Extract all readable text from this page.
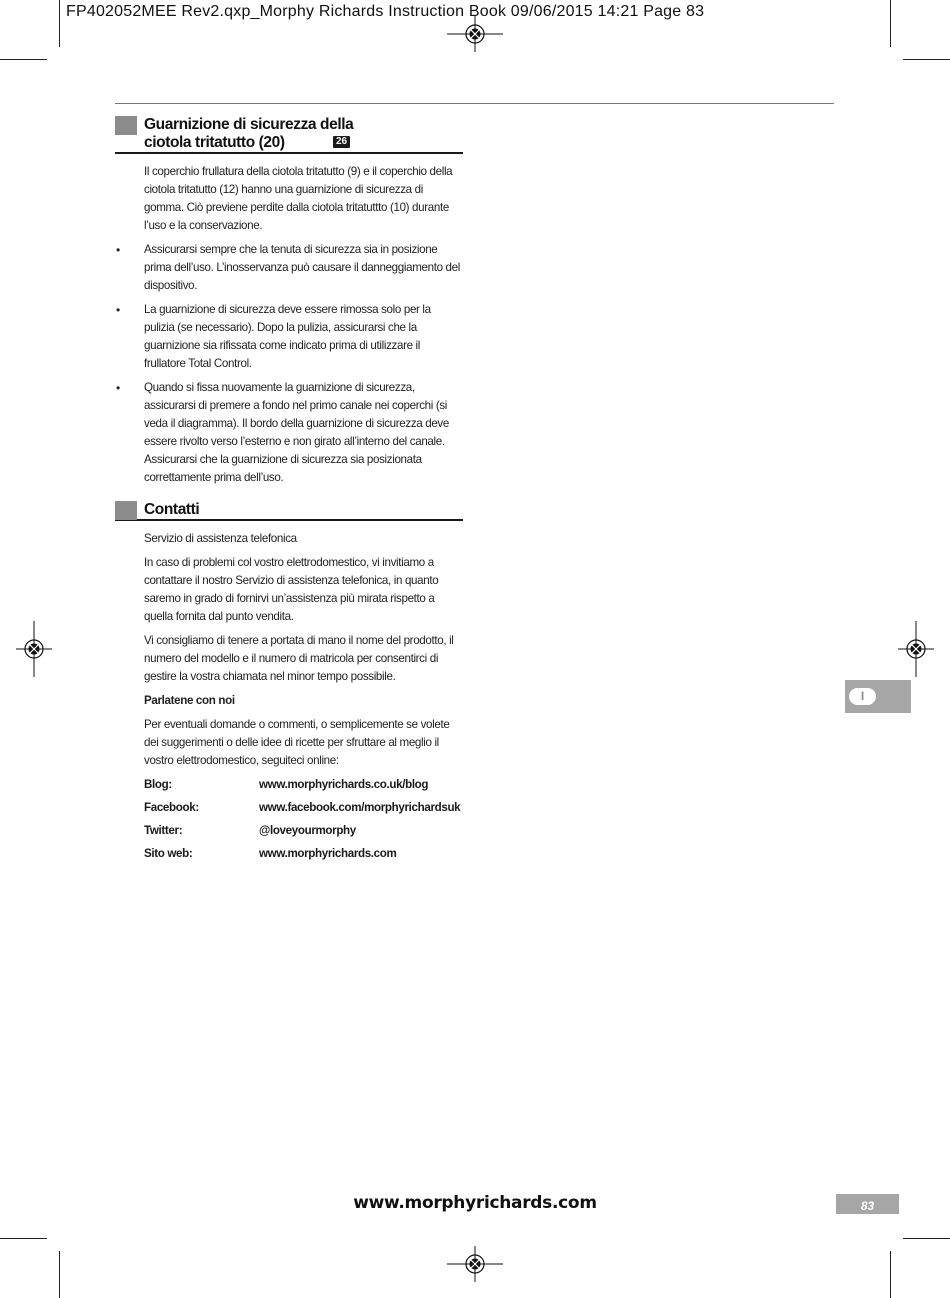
FP402052MEE Rev2.qxp_Morphy Richards Instruction Book 09/06/2015 14:21 Page 83
Guarnizione di sicurezza della
ciotola tritatutto (20)	26

Il coperchio frullatura della ciotola tritatutto (9) e il coperchio della ciotola tritatutto (12) hanno una guarnizione di sicurezza di gomma. Ciò previene perdite dalla ciotola tritatuttto (10) durante l’uso e la conservazione.

• Assicurarsi sempre che la tenuta di sicurezza sia in posizione prima dell’uso. L’inosservanza può causare il danneggiamento del dispositivo.

• La guarnizione di sicurezza deve essere rimossa solo per la pulizia (se necessario). Dopo la pulizia, assicurarsi che la guarnizione sia rifissata come indicato prima di utilizzare il frullatore Total Control.

• Quando si fissa nuovamente la guarnizione di sicurezza, assicurarsi di premere a fondo nel primo canale nei coperchi (si veda il diagramma). Il bordo della guarnizione di sicurezza deve essere rivolto verso l’esterno e non girato all’interno del canale. Assicurarsi che la guarnizione di sicurezza sia posizionata correttamente prima dell’uso.

Contatti

Servizio di assistenza telefonica

In caso di problemi col vostro elettrodomestico, vi invitiamo a contattare il nostro Servizio di assistenza telefonica, in quanto saremo in grado di fornirvi un’assistenza più mirata rispetto a quella fornita dal punto vendita.

Vi consigliamo di tenere a portata di mano il nome del prodotto, il numero del modello e il numero di matricola per consentirci di gestire la vostra chiamata nel minor tempo possibile.

Parlatene con noi

Per eventuali domande o commenti, o semplicemente se volete dei suggerimenti o delle idee di ricette per sfruttare al meglio il vostro elettrodomestico, seguiteci online:

Blog:	www.morphyrichards.co.uk/blog
Facebook:	www.facebook.com/morphyrichardsuk
Twitter:	@loveyourmorphy
Sito web:	www.morphyrichards.com
I
www.morphyrichards.com	83
